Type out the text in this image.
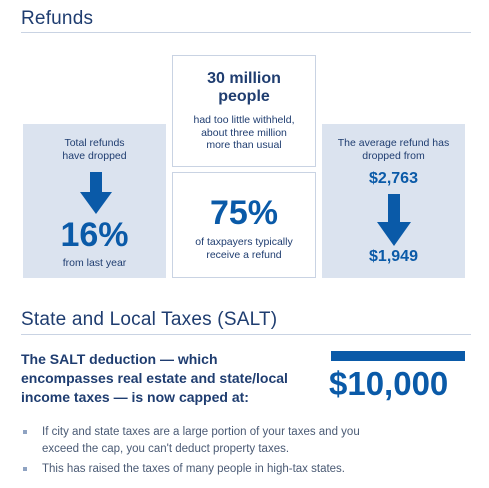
Refunds
Total refunds
have dropped
16%
from last year
30 million
people
had too little withheld,
about three million
more than usual
75%
of taxpayers typically
receive a refund
The average refund has
dropped from
$2,763
$1,949
State and Local Taxes (SALT)
The SALT deduction — which
encompasses real estate and state/local
income taxes — is now capped at:	$10,000
If city and state taxes are a large portion of your taxes and you
exceed the cap, you can't deduct property taxes.
This has raised the taxes of many people in high-tax states.
